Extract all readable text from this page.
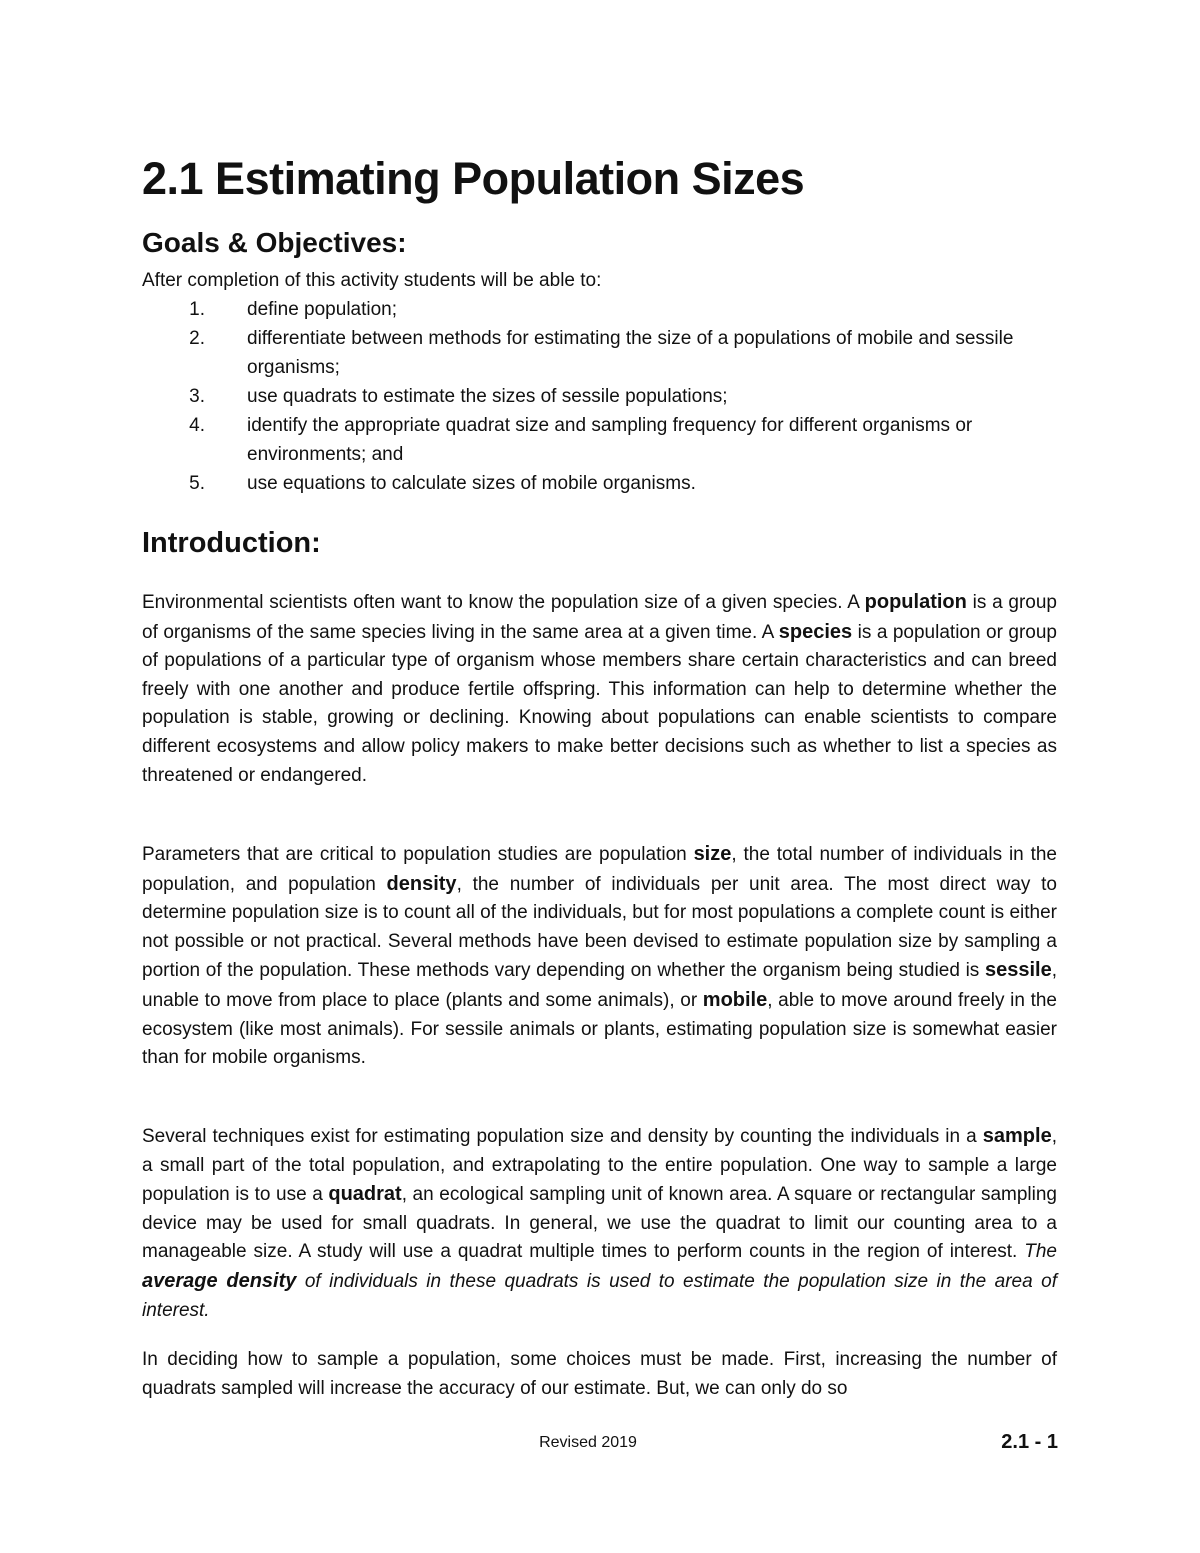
2.1 Estimating Population Sizes
Goals & Objectives:

After completion of this activity students will be able to:

1.	define population;
2.	differentiate between methods for estimating the size of a populations of mobile and sessile organisms;
3.	use quadrats to estimate the sizes of sessile populations;
4.	identify the appropriate quadrat size and sampling frequency for different organisms or environments; and
5.	use equations to calculate sizes of mobile organisms.
Introduction:

Environmental scientists often want to know the population size of a given species. A population is a group of organisms of the same species living in the same area at a given time. A species is a population or group of populations of a particular type of organism whose members share certain characteristics and can breed freely with one another and produce fertile offspring. This information can help to determine whether the population is stable, growing or declining. Knowing about populations can enable scientists to compare different ecosystems and allow policy makers to make better decisions such as whether to list a species as threatened or endangered.

Parameters that are critical to population studies are population size, the total number of individuals in the population, and population density, the number of individuals per unit area. The most direct way to determine population size is to count all of the individuals, but for most populations a complete count is either not possible or not practical. Several methods have been devised to estimate population size by sampling a portion of the population. These methods vary depending on whether the organism being studied is sessile, unable to move from place to place (plants and some animals), or mobile, able to move around freely in the ecosystem (like most animals). For sessile animals or plants, estimating population size is somewhat easier than for mobile organisms.

Several techniques exist for estimating population size and density by counting the individuals in a sample, a small part of the total population, and extrapolating to the entire population. One way to sample a large population is to use a quadrat, an ecological sampling unit of known area. A square or rectangular sampling device may be used for small quadrats. In general, we use the quadrat to limit our counting area to a manageable size. A study will use a quadrat multiple times to perform counts in the region of interest. The average density of individuals in these quadrats is used to estimate the population size in the area of interest.

In deciding how to sample a population, some choices must be made. First, increasing the number of quadrats sampled will increase the accuracy of our estimate. But, we can only do so

Revised 2019	2.1 - 1
